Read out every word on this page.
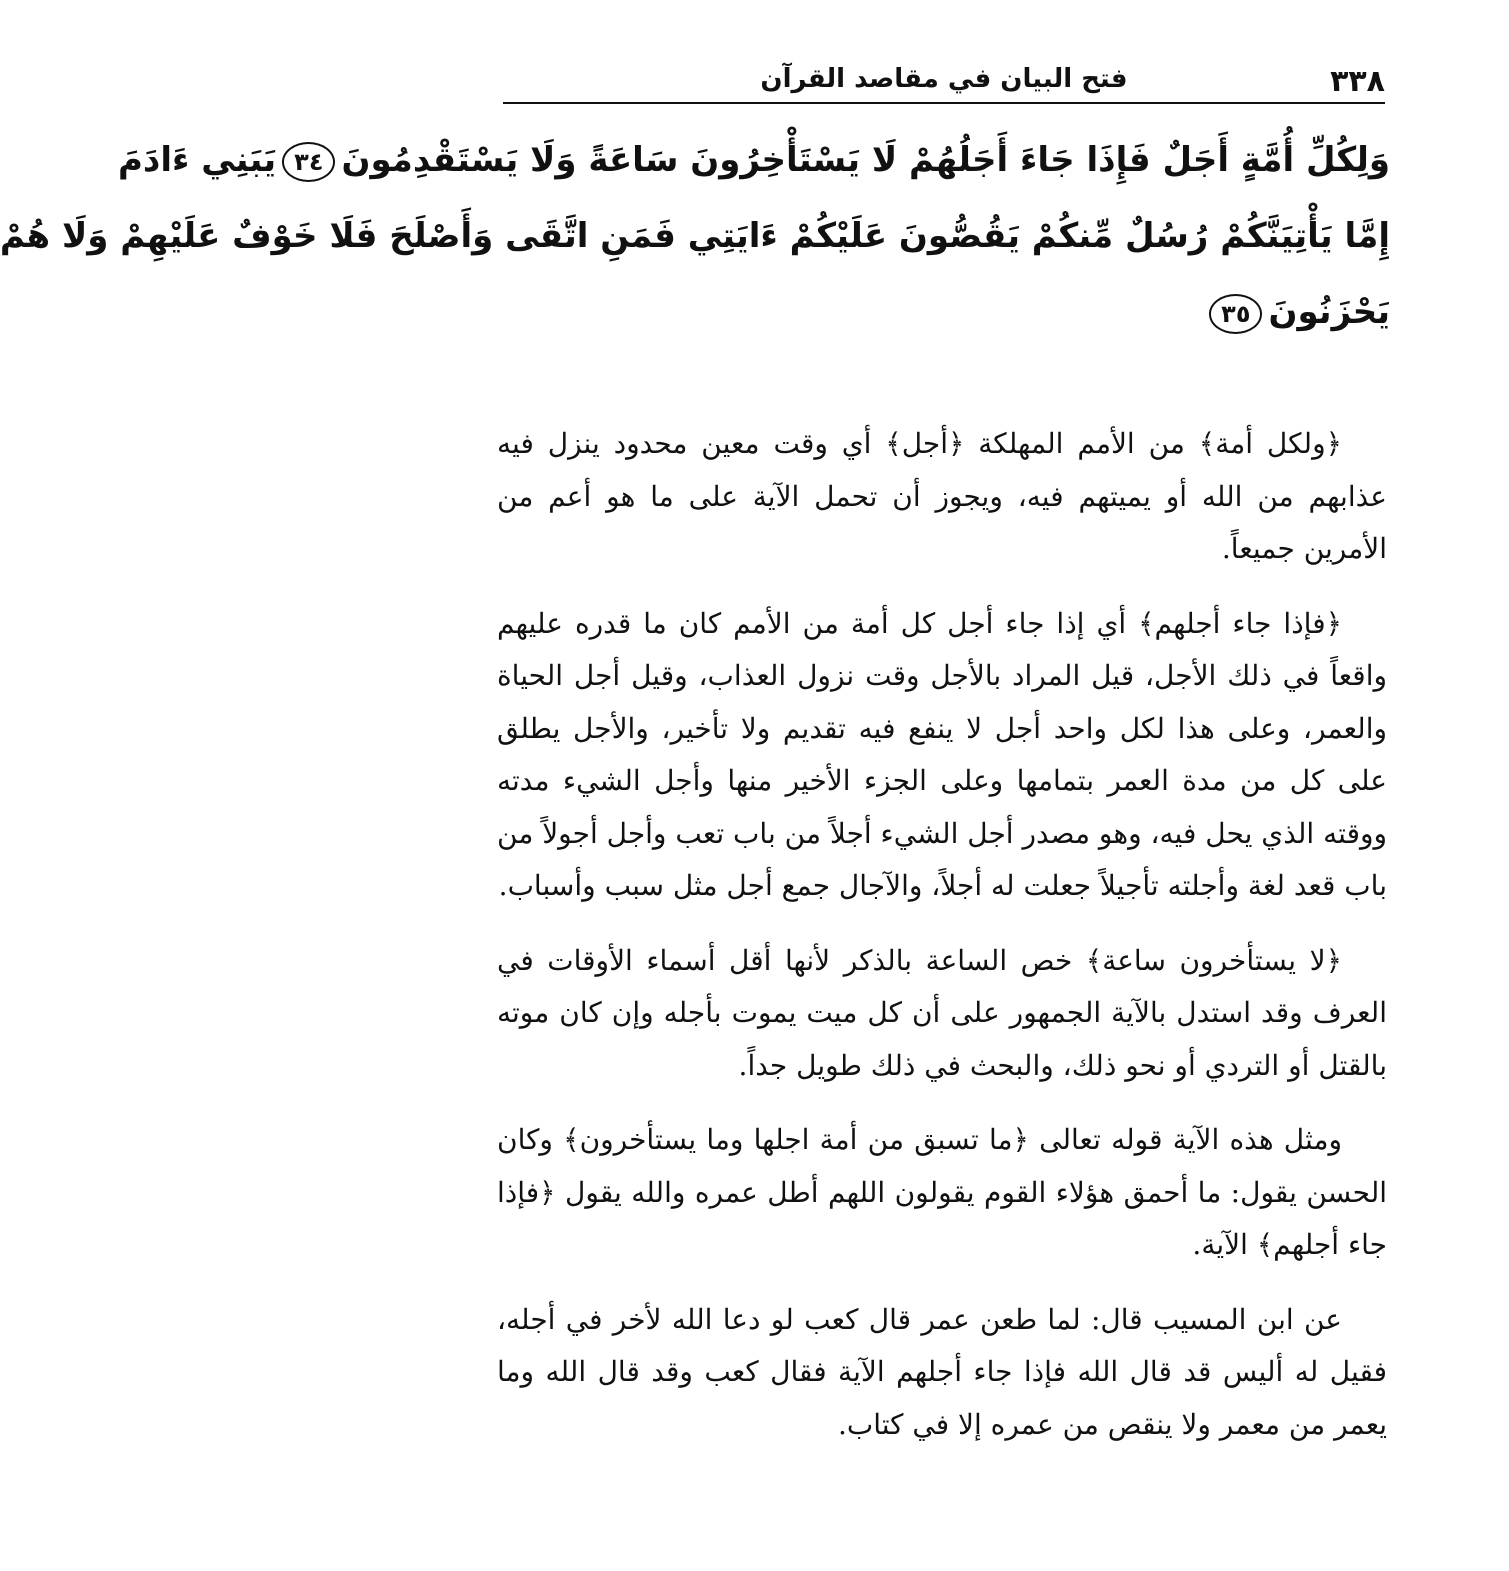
٣٣٨
فتح البيان في مقاصد القرآن
وَلِكُلِّ أُمَّةٍ أَجَلٌ فَإِذَا جَاءَ أَجَلُهُمْ لَا يَسْتَأْخِرُونَ سَاعَةً وَلَا يَسْتَقْدِمُونَ٣٤يَبَنِي ءَادَمَ
إِمَّا يَأْتِيَنَّكُمْ رُسُلٌ مِّنكُمْ يَقُصُّونَ عَلَيْكُمْ ءَايَتِي فَمَنِ اتَّقَى وَأَصْلَحَ فَلَا خَوْفٌ عَلَيْهِمْ وَلَا هُمْ
يَحْزَنُونَ٣٥

﴿ولكل أمة﴾ من الأمم المهلكة ﴿أجل﴾ أي وقت معين محدود ينزل فيه عذابهم من الله أو يميتهم فيه، ويجوز أن تحمل الآية على ما هو أعم من الأمرين جميعاً.

﴿فإذا جاء أجلهم﴾ أي إذا جاء أجل كل أمة من الأمم كان ما قدره عليهم واقعاً في ذلك الأجل، قيل المراد بالأجل وقت نزول العذاب، وقيل أجل الحياة والعمر، وعلى هذا لكل واحد أجل لا ينفع فيه تقديم ولا تأخير، والأجل يطلق على كل من مدة العمر بتمامها وعلى الجزء الأخير منها وأجل الشيء مدته ووقته الذي يحل فيه، وهو مصدر أجل الشيء أجلاً من باب تعب وأجل أجولاً من باب قعد لغة وأجلته تأجيلاً جعلت له أجلاً، والآجال جمع أجل مثل سبب وأسباب.

﴿لا يستأخرون ساعة﴾ خص الساعة بالذكر لأنها أقل أسماء الأوقات في العرف وقد استدل بالآية الجمهور على أن كل ميت يموت بأجله وإن كان موته بالقتل أو التردي أو نحو ذلك، والبحث في ذلك طويل جداً.

ومثل هذه الآية قوله تعالى ﴿ما تسبق من أمة اجلها وما يستأخرون﴾ وكان الحسن يقول: ما أحمق هؤلاء القوم يقولون اللهم أطل عمره والله يقول ﴿فإذا جاء أجلهم﴾ الآية.

عن ابن المسيب قال: لما طعن عمر قال كعب لو دعا الله لأخر في أجله، فقيل له أليس قد قال الله فإذا جاء أجلهم الآية فقال كعب وقد قال الله وما يعمر من معمر ولا ينقص من عمره إلا في كتاب.
